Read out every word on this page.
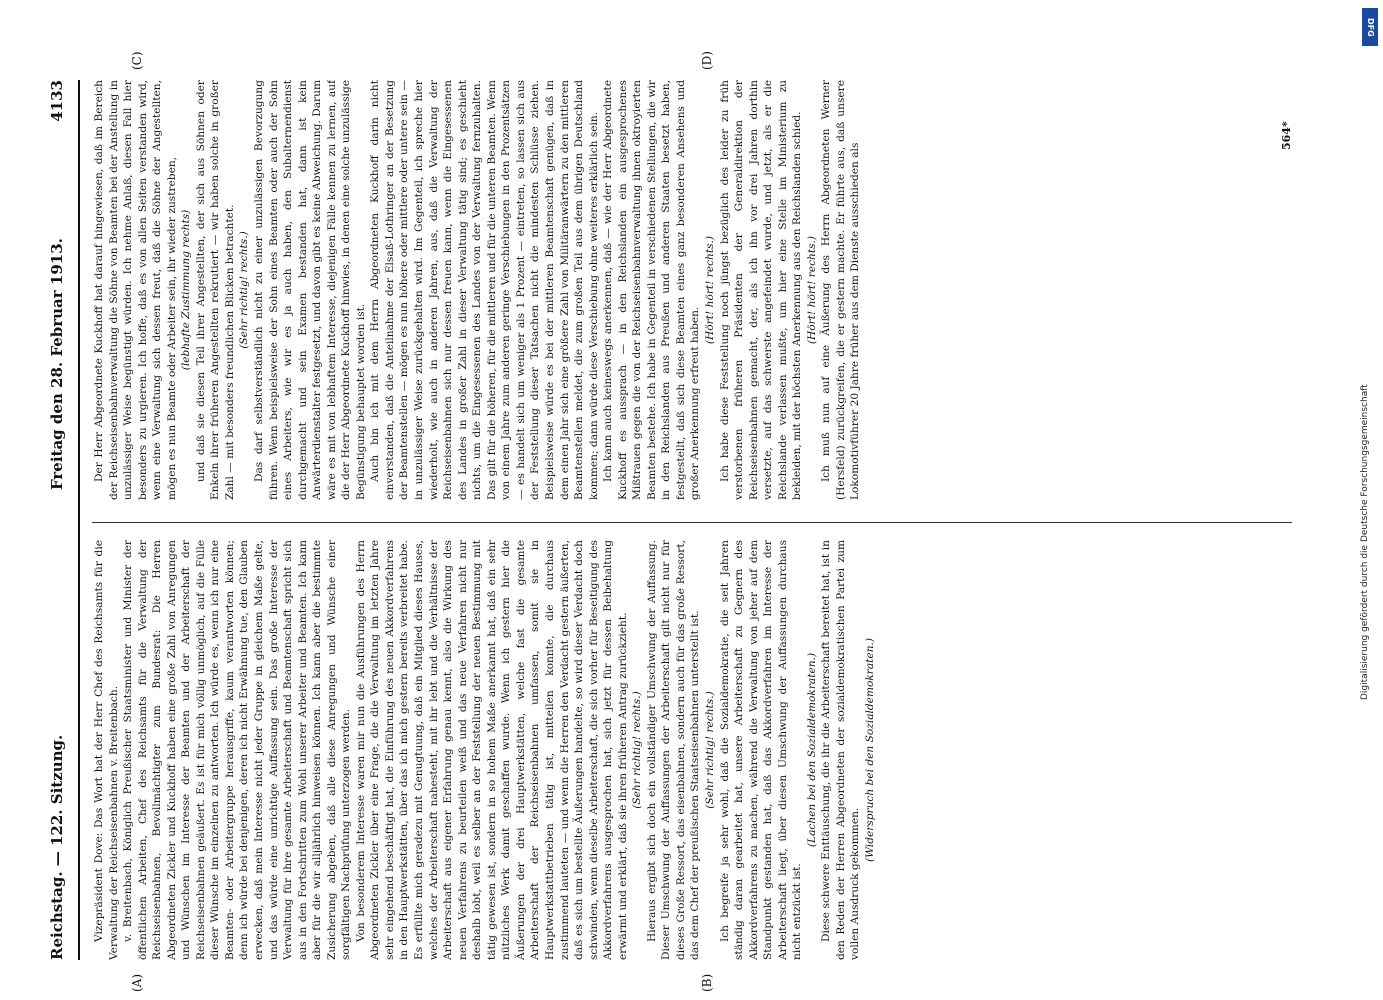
Reichstag. — 122. Sitzung.
Freitag den 28. Februar 1913.
4133
(A)	(B)
(C)	(D)

Vizepräsident Dove: Das Wort hat der Herr Chef des Reichsamts für die Verwaltung der Reichseisenbahnen v. Breitenbach. v. Breitenbach, Königlich Preußischer Staatsminister und Minister der öffentlichen Arbeiten, Chef des Reichsamts für die Verwaltung der Reichseisenbahnen, Bevollmächtigter zum Bundesrat: Die Herren Abgeordneten Zickler und Kuckhoff haben eine große Zahl von Anregungen und Wünschen im Interesse der Beamten und der Arbeiterschaft der Reichseisenbahnen geäußert. Es ist für mich völlig unmöglich, auf die Fülle dieser Wünsche im einzelnen zu antworten. Ich würde es, wenn ich nur eine Beamten- oder Arbeitergruppe herausgriffe, kaum verantworten können; denn ich würde bei denjenigen, deren ich nicht Erwähnung tue, den Glauben erwecken, daß mein Interesse nicht jeder Gruppe in gleichem Maße gelte, und das würde eine unrichtige Auffassung sein. Das große Interesse der Verwaltung für ihre gesamte Arbeiterschaft und Beamtenschaft spricht sich aus in den Fortschritten zum Wohl unserer Arbeiter und Beamten. Ich kann aber für die wir alljährlich hinweisen können. Ich kann aber die bestimmte Zusicherung abgeben, daß alle diese Anregungen und Wünsche einer sorgfältigen Nachprüfung unterzogen werden. Von besonderem Interesse waren mir nun die Ausführungen des Herrn Abgeordneten Zickler über eine Frage, die die Verwaltung im letzten Jahre sehr eingehend beschäftigt hat, die Einführung des neuen Akkordverfahrens in den Hauptwerkstätten, über das ich mich gestern bereits verbreitet habe. Es erfüllte mich geradezu mit Genugtuung, daß ein Mitglied dieses Hauses, welches der Arbeiterschaft nahesteht, mit ihr lebt und die Verhältnisse der Arbeiterschaft aus eigener Erfahrung genau kennt, also die Wirkung des neuen Verfahrens zu beurteilen weiß und das neue Verfahren nicht nur deshalb lobt, weil es selber an der Feststellung der neuen Bestimmung mit tätig gewesen ist, sondern in so hohem Maße anerkannt hat, daß ein sehr nützliches Werk damit geschaffen wurde. Wenn ich gestern hier die Äußerungen der drei Hauptwerkstätten, welche fast die gesamte Arbeiterschaft der Reichseisenbahnen umfassen, somit sie in Hauptwerkstattbetrieben tätig ist, mitteilen konnte, die durchaus zustimmend lauteten — und wenn die Herren den Verdacht gestern äußerten, daß es sich um bestellte Äußerungen handelte, so wird dieser Verdacht doch schwinden, wenn dieselbe Arbeiterschaft, die sich vorher für Beseitigung des Akkordverfahrens ausgesprochen hat, sich jetzt für dessen Beibehaltung erwärmt und erklärt, daß sie ihren früheren Antrag zurückzieht. (Sehr richtig! rechts.) Hieraus ergibt sich doch ein vollständiger Umschwung der Auffassung. Dieser Umschwung der Auffassungen der Arbeiterschaft gilt nicht nur für dieses Große Ressort, das eisenbahnen, sondern auch für das große Ressort, das dem Chef der preußischen Staatseisenbahnen unterstellt ist. (Sehr richtig! rechts.) Ich begreife ja sehr wohl, daß die Sozialdemokratie, die seit Jahren ständig daran gearbeitet hat, unsere Arbeiterschaft zu Gegnern des Akkordverfahrens zu machen, während die Verwaltung von jeher auf dem Standpunkt gestanden hat, daß das Akkordverfahren im Interesse der Arbeiterschaft liegt, über diesen Umschwung der Auffassungen durchaus nicht entzückt ist.

(Lachen bei den Sozialdemokraten.) Diese schwere Enttäuschung, die ihr die Arbeiterschaft bereitet hat, ist in den Reden der Herren Abgeordneten der sozialdemokratischen Partei zum vollen Ausdruck gekommen.

(Widerspruch bei den Sozialdemokraten.)

Der Herr Abgeordnete Kuckhoff hat darauf hingewiesen, daß im Bereich der Reichseisenbahnverwaltung die Söhne von Beamten bei der Anstellung in unzulässiger Weise begünstigt würden. Ich nehme Anlaß, diesen Fall hier besonders zu urgieren. Ich hoffe, daß es von allen Seiten verstanden wird, wenn eine Verwaltung sich dessen freut, daß die Söhne der Angestellten, mögen es nun Beamte oder Arbeiter sein, ihr wieder zustreben, (lebhafte Zustimmung rechts) und daß sie diesen Teil ihrer Angestellten, der sich aus Söhnen oder Enkeln ihrer früheren Angestellten rekrutiert — wir haben solche in großer Zahl — mit besonders freundlichen Blicken betrachtet. (Sehr richtig! rechts.) Das darf selbstverständlich nicht zu einer unzulässigen Bevorzugung führen. Wenn beispielsweise der Sohn eines Beamten oder auch der Sohn eines Arbeiters, wie wir es ja auch haben, den Subalternendienst durchgemacht und sein Examen bestanden hat, dann ist kein Anwärterdienstalter festgesetzt, und davon gibt es keine Abweichung. Darum wäre es mit von lebhaftem Interesse, diejenigen Fälle kennen zu lernen, auf die der Herr Abgeordnete Kuckhoff hinwies, in denen eine solche unzulässige Begünstigung behauptet worden ist. Auch bin ich mit dem Herrn Abgeordneten Kuckhoff darin nicht einverstanden, daß die Anteilnahme der Elsaß-Lothringer an der Besetzung der Beamtenstellen — mögen es nun höhere oder mittlere oder untere sein — in unzulässiger Weise zurückgehalten wird. Im Gegenteil, ich spreche hier wiederholt, wie auch in anderen Jahren, aus, daß die Verwaltung der Reichseisenbahnen sich nur dessen freuen kann, wenn die Eingesessenen des Landes in großer Zahl in dieser Verwaltung tätig sind; es geschieht nichts, um die Eingesessenen des Landes von der Verwaltung fernzuhalten. Das gilt für die höheren, für die mittleren und für die unteren Beamten. Wenn von einem Jahre zum anderen geringe Verschiebungen in den Prozentsätzen — es handelt sich um weniger als 1 Prozent — eintreten, so lassen sich aus der Feststellung dieser Tatsachen nicht die mindesten Schlüsse ziehen. Beispielsweise würde es bei der mittleren Beamtenschaft genügen, daß in dem einen Jahr sich eine größere Zahl von Militäranwärtern zu den mittleren Beamtenstellen meldet, die zum großen Teil aus dem übrigen Deutschland kommen; dann würde diese Verschiebung ohne weiteres erklärlich sein. Ich kann auch keineswegs anerkennen, daß — wie der Herr Abgeordnete Kuckhoff es aussprach — in den Reichslanden ein ausgesprochenes Mißtrauen gegen die von der Reichseisenbahnverwaltung ihnen oktroyierten Beamten bestehe. Ich habe in Gegenteil in verschiedenen Stellungen, die wir in den Reichslanden aus Preußen und anderen Staaten besetzt haben, festgestellt, daß sich diese Beamten eines ganz besonderen Ansehens und großer Anerkennung erfreut haben.

(Hört! hört! rechts.) Ich habe diese Feststellung noch jüngst bezüglich des leider zu früh verstorbenen früheren Präsidenten der Generaldirektion der Reichseisenbahnen gemacht, der, als ich ihn vor drei Jahren dorthin versetzte, auf das schwerste angefeindet wurde, und jetzt, als er die Reichslande verlassen mußte, um hier eine Stelle im Ministerium zu bekleiden, mit der höchsten Anerkennung aus den Reichslanden schied. (Hört! hört! rechts.) Ich muß nun auf eine Äußerung des Herrn Abgeordneten Werner (Hersfeld) zurückgreifen, die er gestern machte. Er führte aus, daß unsere Lokomotivführer 20 Jahre früher aus dem Dienste ausschieden als

564*
DFG
Digitalisierung gefördert durch die Deutsche Forschungsgemeinschaft
